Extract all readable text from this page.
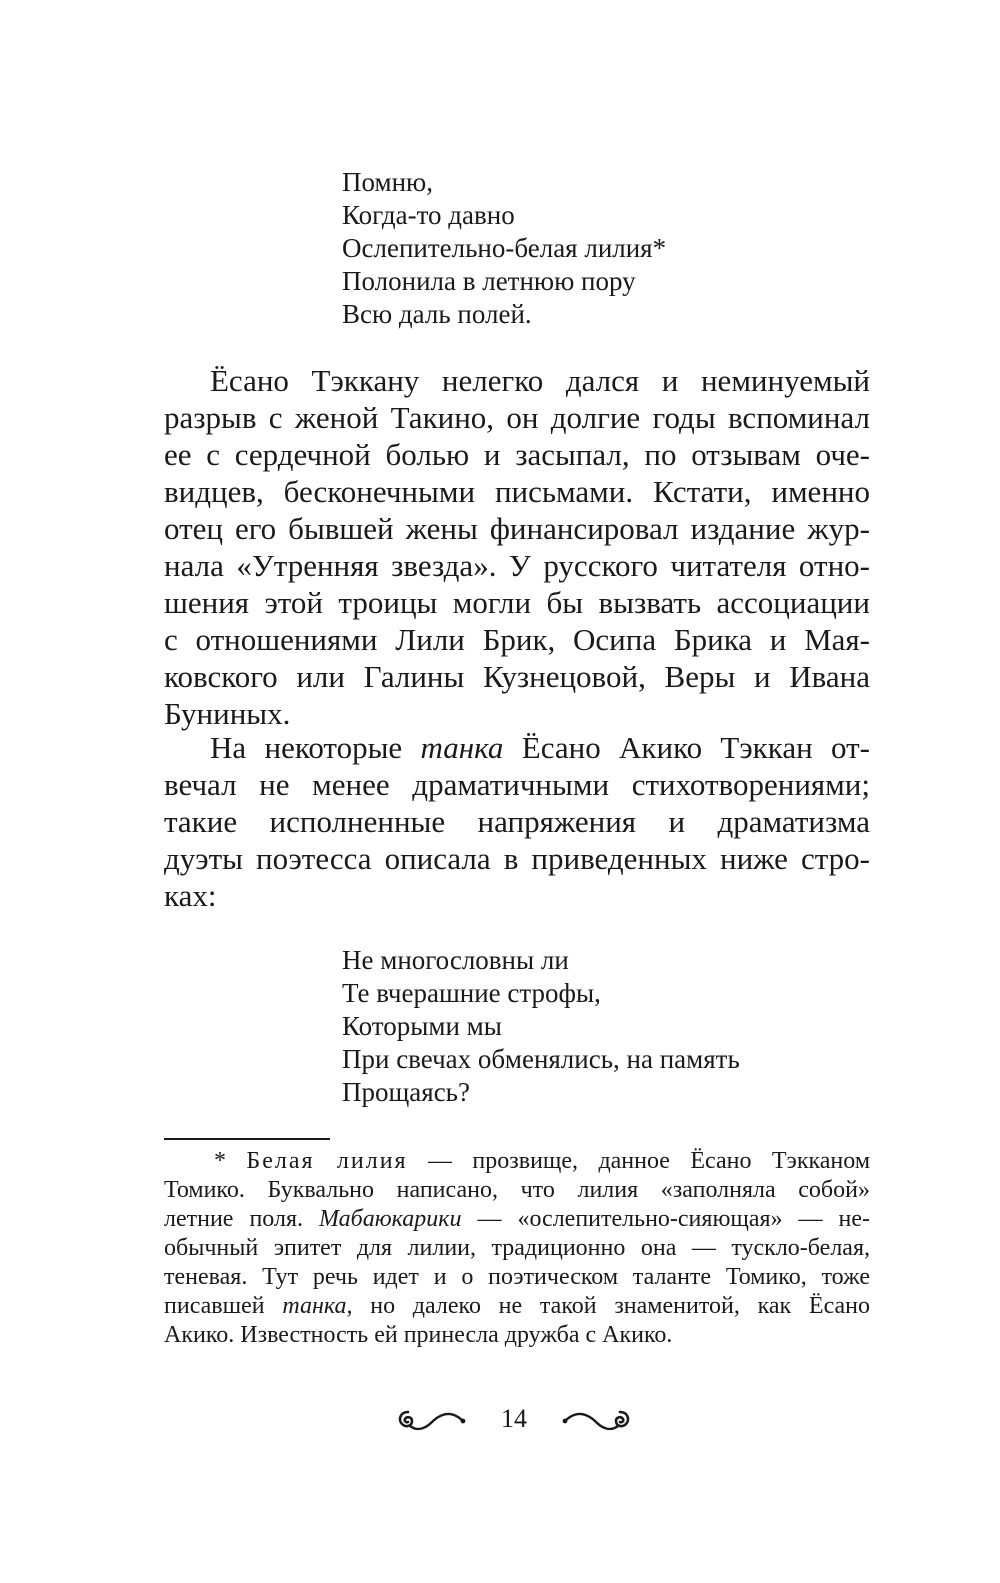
Помню,
Когда-то давно
Ослепительно-белая лилия*
Полонила в летнюю пору
Всю даль полей.
Ёсано Тэккану нелегко дался и неминуемый
разрыв с женой Такино, он долгие годы вспоминал
ее с сердечной болью и засыпал, по отзывам оче-
видцев, бесконечными письмами. Кстати, именно
отец его бывшей жены финансировал издание жур-
нала «Утренняя звезда». У русского читателя отно-
шения этой троицы могли бы вызвать ассоциации
с отношениями Лили Брик, Осипа Брика и Мая-
ковского или Галины Кузнецовой, Веры и Ивана
Буниных.
На некоторые танка Ёсано Акико Тэккан от-
вечал не менее драматичными стихотворениями;
такие исполненные напряжения и драматизма
дуэты поэтесса описала в приведенных ниже стро-
ках:
Не многословны ли
Те вчерашние строфы,
Которыми мы
При свечах обменялись, на память
Прощаясь?
* Белая лилия — прозвище, данное Ёсано Тэкканом
Томико. Буквально написано, что лилия «заполняла собой»
летние поля. Мабаюкарики — «ослепительно-сияющая» — не-
обычный эпитет для лилии, традиционно она — тускло-белая,
теневая. Тут речь идет и о поэтическом таланте Томико, тоже
писавшей танка, но далеко не такой знаменитой, как Ёсано
Акико. Известность ей принесла дружба с Акико.
14
